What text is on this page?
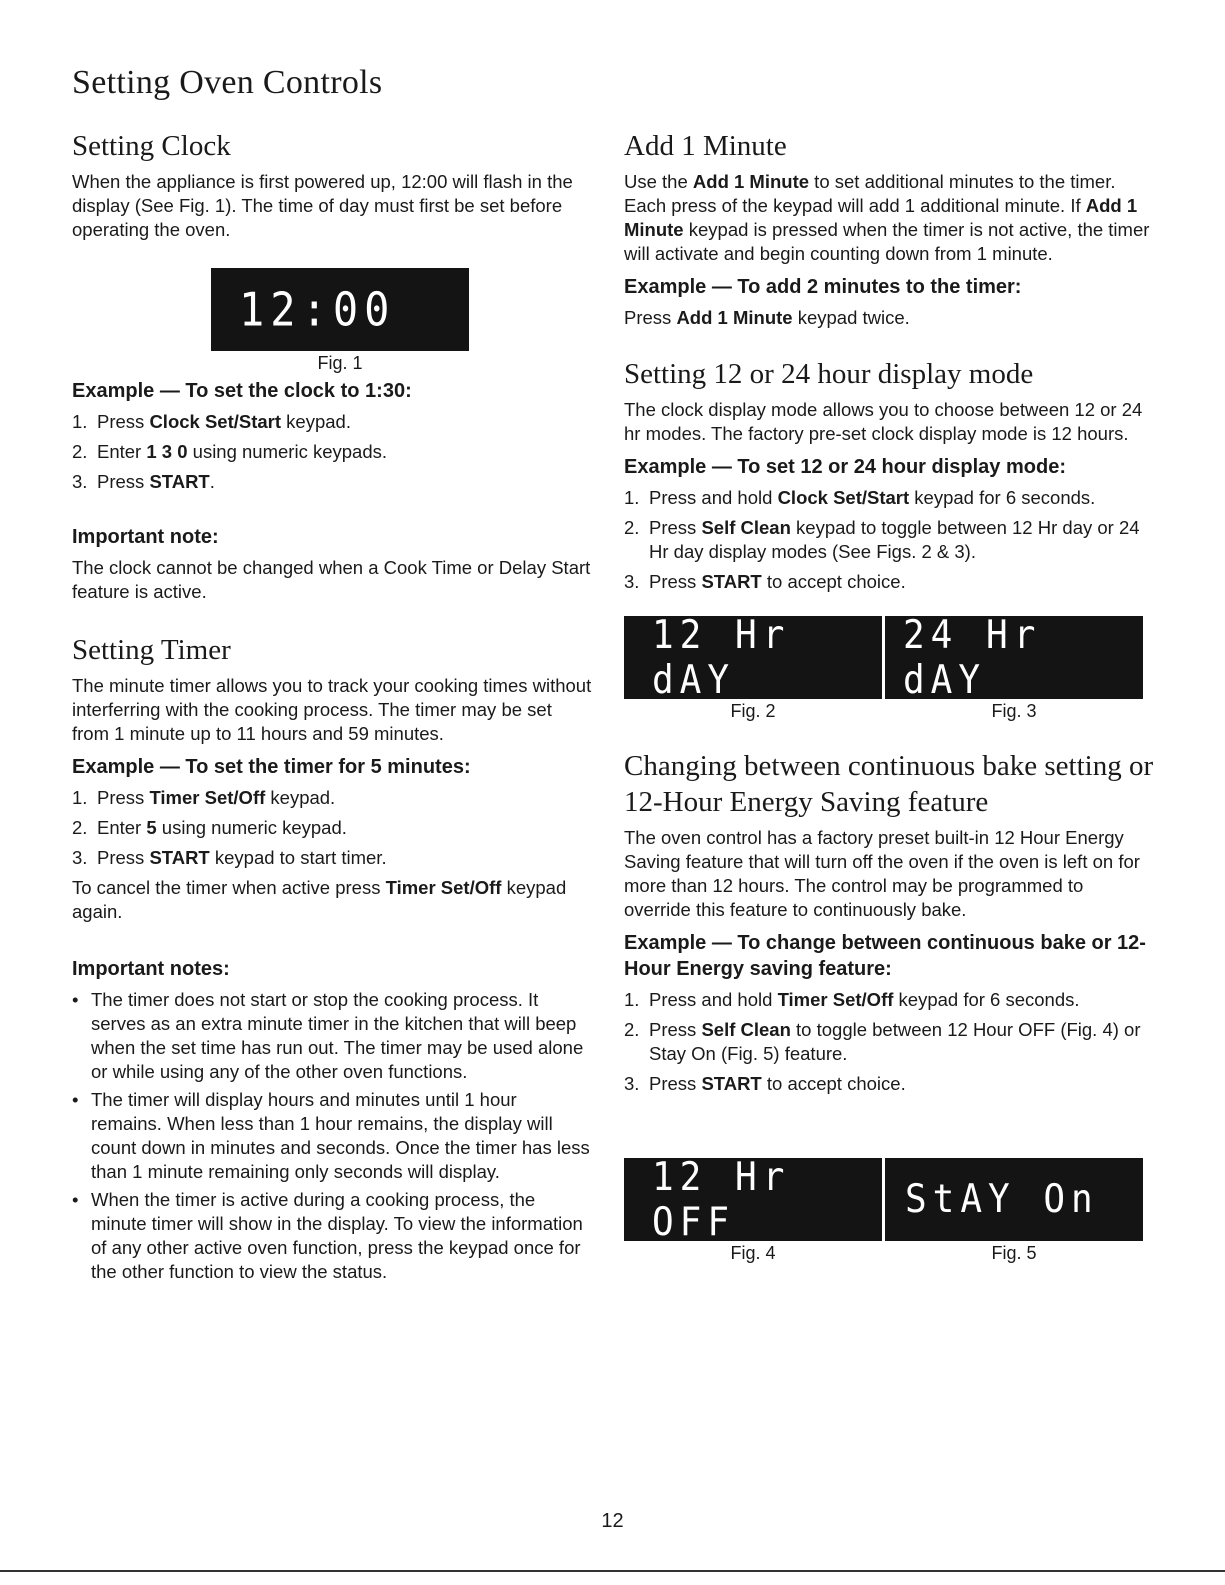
Setting Oven Controls
Setting Clock

When the appliance is first powered up, 12:00 will flash in the display (See Fig. 1). The time of day must first be set before operating the oven.

12:00
Fig. 1
Example — To set the clock to 1:30:
1. Press Clock Set/Start keypad.
2. Enter 1 3 0 using numeric keypads.
3. Press START.
Important note:

The clock cannot be changed when a Cook Time or Delay Start feature is active.

Setting Timer

The minute timer allows you to track your cooking times without interferring with the cooking process. The timer may be set from 1 minute up to 11 hours and 59 minutes.

Example — To set the timer for 5 minutes:
1. Press Timer Set/Off keypad.
2. Enter 5 using numeric keypad.
3. Press START keypad to start timer.

To cancel the timer when active press Timer Set/Off keypad again.

Important notes:
• The timer does not start or stop the cooking process. It serves as an extra minute timer in the kitchen that will beep when the set time has run out. The timer may be used alone or while using any of the other oven functions.
• The timer will display hours and minutes until 1 hour remains. When less than 1 hour remains, the display will count down in minutes and seconds. Once the timer has less than 1 minute remaining only seconds will display.
• When the timer is active during a cooking process, the minute timer will show in the display. To view the information of any other active oven function, press the keypad once for the other function to view the status.
Add 1 Minute

Use the Add 1 Minute to set additional minutes to the timer. Each press of the keypad will add 1 additional minute. If Add 1 Minute keypad is pressed when the timer is not active, the timer will activate and begin counting down from 1 minute.

Example — To add 2 minutes to the timer:

Press Add 1 Minute keypad twice.

Setting 12 or 24 hour display mode

The clock display mode allows you to choose between 12 or 24 hr modes. The factory pre-set clock display mode is 12 hours.

Example — To set 12 or 24 hour display mode:
1. Press and hold Clock Set/Start keypad for 6 seconds.
2. Press Self Clean keypad to toggle between 12 Hr day or 24 Hr day display modes (See Figs. 2 & 3).
3. Press START to accept choice.
12 Hr dAY
Fig. 2
24 Hr dAY
Fig. 3
Changing between continuous bake setting or 12-Hour Energy Saving feature

The oven control has a factory preset built-in 12 Hour Energy Saving feature that will turn off the oven if the oven is left on for more than 12 hours. The control may be programmed to override this feature to continuously bake.

Example — To change between continuous bake or 12-Hour Energy saving feature:
1. Press and hold Timer Set/Off keypad for 6 seconds.
2. Press Self Clean to toggle between 12 Hour OFF (Fig. 4) or Stay On (Fig. 5) feature.
3. Press START to accept choice.
12 Hr OFF
Fig. 4
StAY On
Fig. 5
12
